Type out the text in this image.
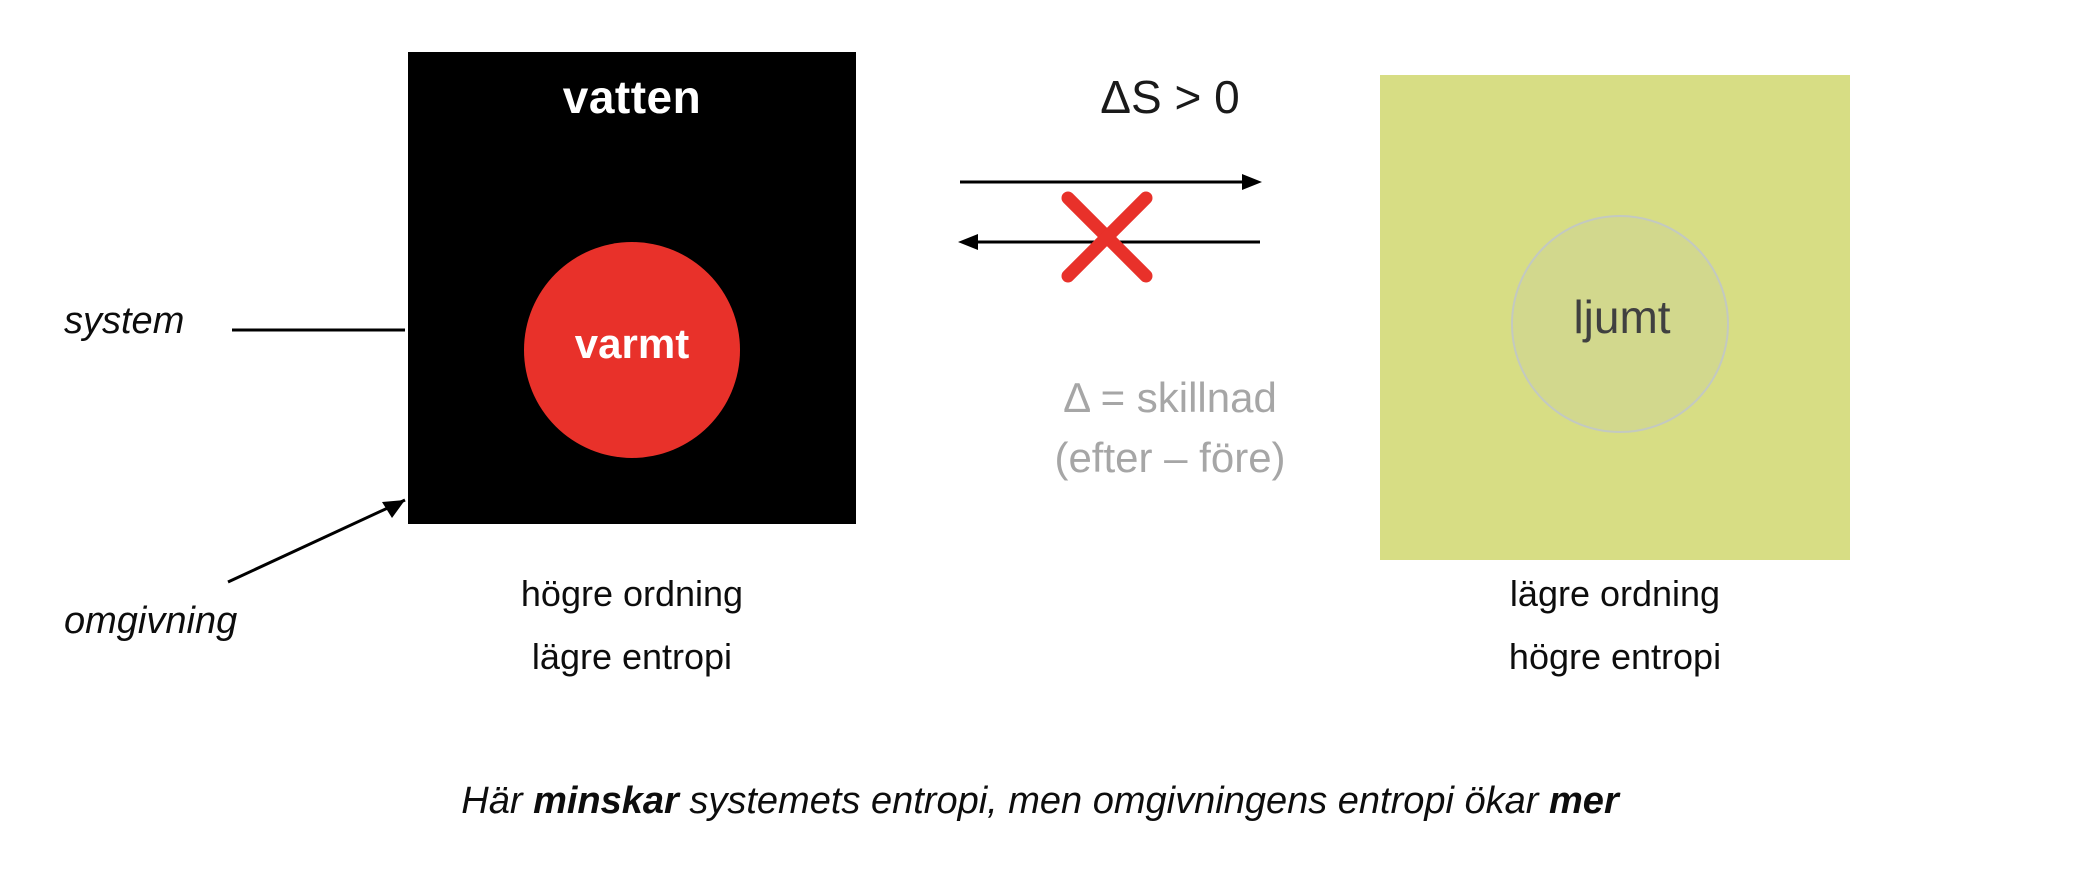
system
omgivning
vatten
varmt
högre ordning
lägre entropi
ΔS > 0
Δ = skillnad
(efter – före)
ljumt
lägre ordning
högre entropi
Här minskar systemets entropi, men omgivningens entropi ökar mer
